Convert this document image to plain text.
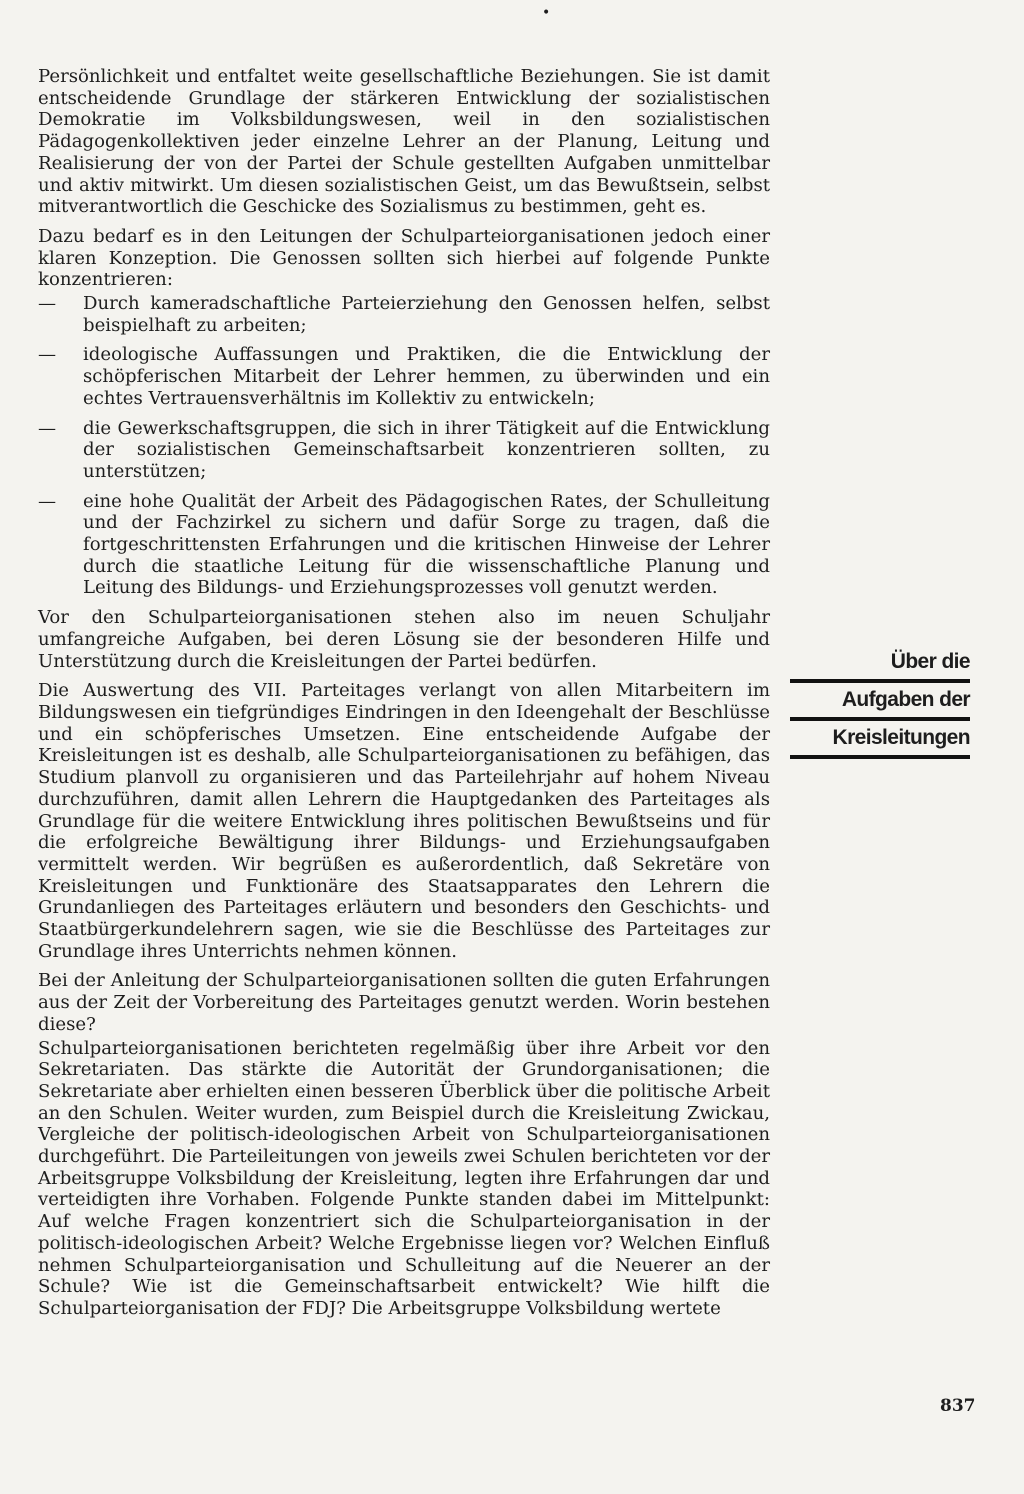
•

Persönlichkeit und entfaltet weite gesellschaftliche Beziehungen. Sie ist damit entscheidende Grundlage der stärkeren Entwicklung der sozialistischen Demokratie im Volksbildungswesen, weil in den sozialistischen Pädagogenkollektiven jeder einzelne Lehrer an der Planung, Leitung und Realisierung der von der Partei der Schule gestellten Aufgaben unmittelbar und aktiv mitwirkt. Um diesen sozialistischen Geist, um das Bewußtsein, selbst mitverantwortlich die Geschicke des Sozialismus zu bestimmen, geht es.

Dazu bedarf es in den Leitungen der Schulparteiorganisationen jedoch einer klaren Konzeption. Die Genossen sollten sich hierbei auf folgende Punkte konzentrieren:

— Durch kameradschaftliche Parteierziehung den Genossen helfen, selbst beispielhaft zu arbeiten;
— ideologische Auffassungen und Praktiken, die die Entwicklung der schöpferischen Mitarbeit der Lehrer hemmen, zu überwinden und ein echtes Vertrauensverhältnis im Kollektiv zu entwickeln;
— die Gewerkschaftsgruppen, die sich in ihrer Tätigkeit auf die Entwicklung der sozialistischen Gemeinschaftsarbeit konzentrieren sollten, zu unterstützen;
— eine hohe Qualität der Arbeit des Pädagogischen Rates, der Schulleitung und der Fachzirkel zu sichern und dafür Sorge zu tragen, daß die fortgeschrittensten Erfahrungen und die kritischen Hinweise der Lehrer durch die staatliche Leitung für die wissenschaftliche Planung und Leitung des Bildungs- und Erziehungsprozesses voll genutzt werden.

Vor den Schulparteiorganisationen stehen also im neuen Schuljahr umfangreiche Aufgaben, bei deren Lösung sie der besonderen Hilfe und Unterstützung durch die Kreisleitungen der Partei bedürfen.

Die Auswertung des VII. Parteitages verlangt von allen Mitarbeitern im Bildungswesen ein tiefgründiges Eindringen in den Ideengehalt der Beschlüsse und ein schöpferisches Umsetzen. Eine entscheidende Aufgabe der Kreisleitungen ist es deshalb, alle Schulparteiorganisationen zu befähigen, das Studium planvoll zu organisieren und das Parteilehrjahr auf hohem Niveau durchzuführen, damit allen Lehrern die Hauptgedanken des Parteitages als Grundlage für die weitere Entwicklung ihres politischen Bewußtseins und für die erfolgreiche Bewältigung ihrer Bildungs- und Erziehungsaufgaben vermittelt werden. Wir begrüßen es außerordentlich, daß Sekretäre von Kreisleitungen und Funktionäre des Staatsapparates den Lehrern die Grundanliegen des Parteitages erläutern und besonders den Geschichts- und Staatbürgerkundelehrern sagen, wie sie die Beschlüsse des Parteitages zur Grundlage ihres Unterrichts nehmen können.

Bei der Anleitung der Schulparteiorganisationen sollten die guten Erfahrungen aus der Zeit der Vorbereitung des Parteitages genutzt werden. Worin bestehen diese?

Schulparteiorganisationen berichteten regelmäßig über ihre Arbeit vor den Sekretariaten. Das stärkte die Autorität der Grundorganisationen; die Sekretariate aber erhielten einen besseren Überblick über die politische Arbeit an den Schulen. Weiter wurden, zum Beispiel durch die Kreisleitung Zwickau, Vergleiche der politisch-ideologischen Arbeit von Schulparteiorganisationen durchgeführt. Die Parteileitungen von jeweils zwei Schulen berichteten vor der Arbeitsgruppe Volksbildung der Kreisleitung, legten ihre Erfahrungen dar und verteidigten ihre Vorhaben. Folgende Punkte standen dabei im Mittelpunkt: Auf welche Fragen konzentriert sich die Schulparteiorganisation in der politisch-ideologischen Arbeit? Welche Ergebnisse liegen vor? Welchen Einfluß nehmen Schulparteiorganisation und Schulleitung auf die Neuerer an der Schule? Wie ist die Gemeinschaftsarbeit entwickelt? Wie hilft die Schulparteiorganisation der FDJ? Die Arbeitsgruppe Volksbildung wertete

Über die
Aufgaben der
Kreisleitungen
837
